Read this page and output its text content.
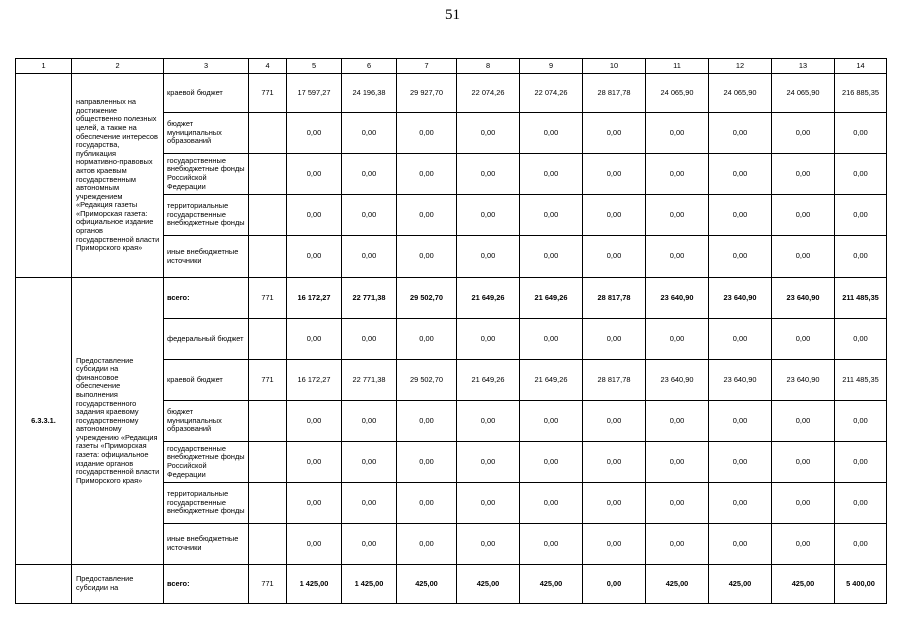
51
1	2	3	4	5	6	7	8	9	10	11	12	13	14
	направленных на достижение общественно полезных целей, а также на обеспечение интересов государства, публикация нормативно-правовых актов краевым государственным автономным учреждением «Редакция газеты «Приморская газета: официальное издание органов государственной власти Приморского края»	краевой бюджет	771	17 597,27	24 196,38	29 927,70	22 074,26	22 074,26	28 817,78	24 065,90	24 065,90	24 065,90	216 885,35
		бюджет муниципальных образований		0,00	0,00	0,00	0,00	0,00	0,00	0,00	0,00	0,00	0,00
		государственные внебюджетные фонды Российской Федерации		0,00	0,00	0,00	0,00	0,00	0,00	0,00	0,00	0,00	0,00
		территориальные государственные внебюджетные фонды		0,00	0,00	0,00	0,00	0,00	0,00	0,00	0,00	0,00	0,00
		иные внебюджетные источники		0,00	0,00	0,00	0,00	0,00	0,00	0,00	0,00	0,00	0,00
6.3.3.1.	Предоставление субсидии на финансовое обеспечение выполнения государственного задания краевому государственному автономному учреждению «Редакция газеты «Приморская газета: официальное издание органов государственной власти Приморского края»	всего:	771	16 172,27	22 771,38	29 502,70	21 649,26	21 649,26	28 817,78	23 640,90	23 640,90	23 640,90	211 485,35
		федеральный бюджет		0,00	0,00	0,00	0,00	0,00	0,00	0,00	0,00	0,00	0,00
		краевой бюджет	771	16 172,27	22 771,38	29 502,70	21 649,26	21 649,26	28 817,78	23 640,90	23 640,90	23 640,90	211 485,35
		бюджет муниципальных образований		0,00	0,00	0,00	0,00	0,00	0,00	0,00	0,00	0,00	0,00
		государственные внебюджетные фонды Российской Федерации		0,00	0,00	0,00	0,00	0,00	0,00	0,00	0,00	0,00	0,00
		территориальные государственные внебюджетные фонды		0,00	0,00	0,00	0,00	0,00	0,00	0,00	0,00	0,00	0,00
		иные внебюджетные источники		0,00	0,00	0,00	0,00	0,00	0,00	0,00	0,00	0,00	0,00
	Предоставление субсидии на	всего:	771	1 425,00	1 425,00	425,00	425,00	425,00	0,00	425,00	425,00	425,00	5 400,00
